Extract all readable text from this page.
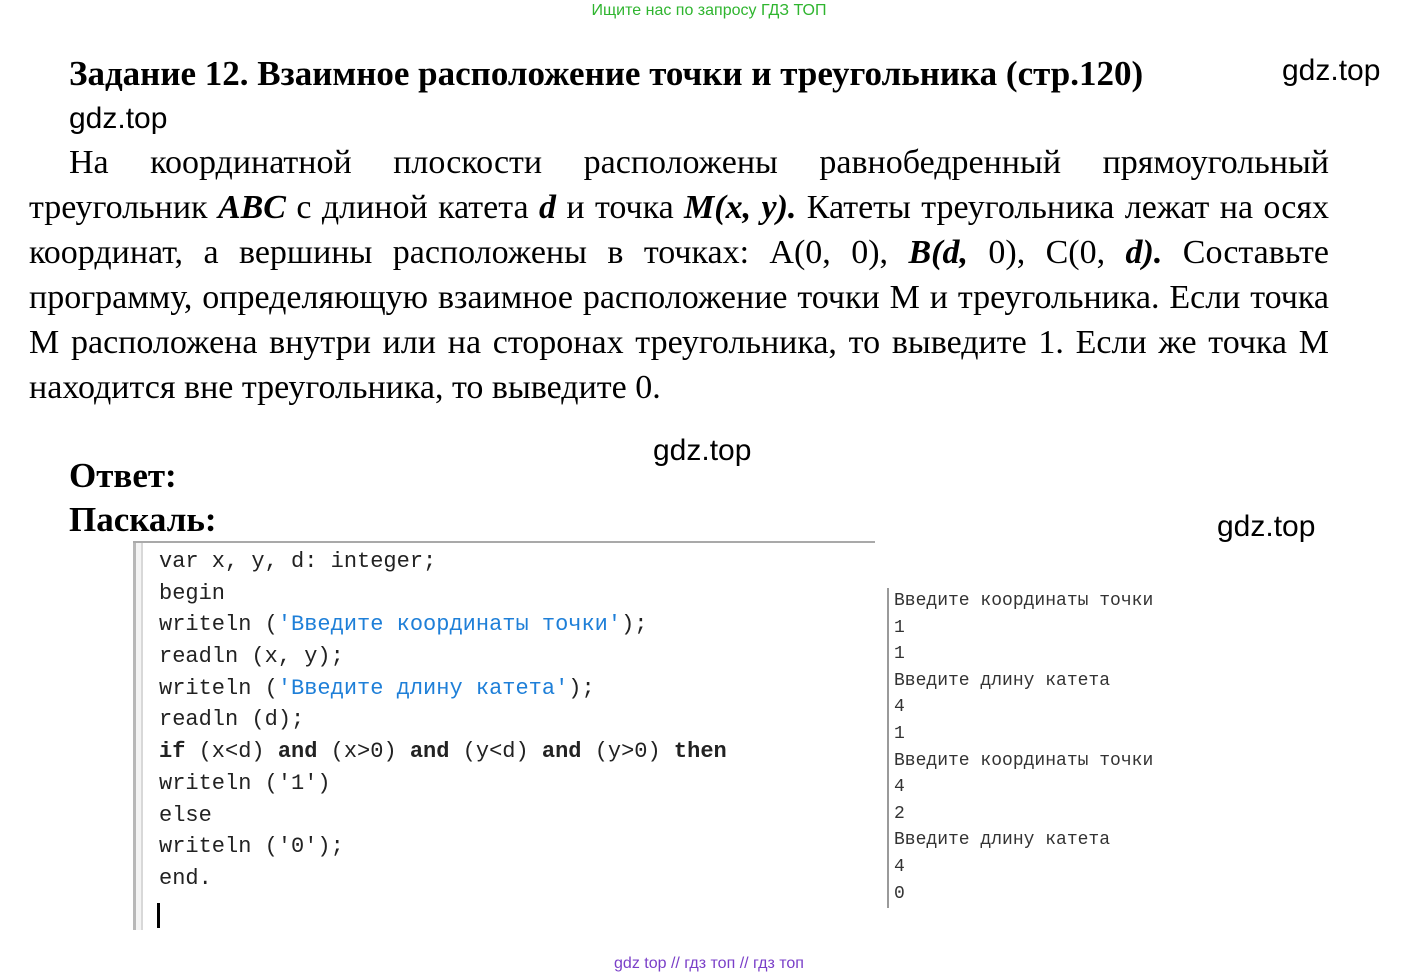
Ищите нас по запросу ГДЗ ТОП
Задание 12. Взаимное расположение точки и треугольника (стр.120)	gdz.top
gdz.top
gdz.top
gdz.top

На координатной плоскости расположены равнобедренный прямоугольный треугольник ABC с длиной катета d и точка M(x, y). Катеты треугольника лежат на осях координат, а вершины расположены в точках: A(0, 0), B(d, 0), C(0, d). Составьте программу, определяющую взаимное расположение точки M и треугольника. Если точка M расположена внутри или на сторонах треугольника, то выведите 1. Если же точка M находится вне треугольника, то выведите 0.

Ответ:
Паскаль:
var x, y, d: integer;
begin
writeln ('Введите координаты точки');
readln (x, y);
writeln ('Введите длину катета');
readln (d);
if (x<d) and (x>0) and (y<d) and (y>0) then
writeln ('1')
else
writeln ('0');
end.
Введите координаты точки
1
1
Введите длину катета
4
1
Введите координаты точки
4
2
Введите длину катета
4
0
gdz top // гдз топ // гдз топ
